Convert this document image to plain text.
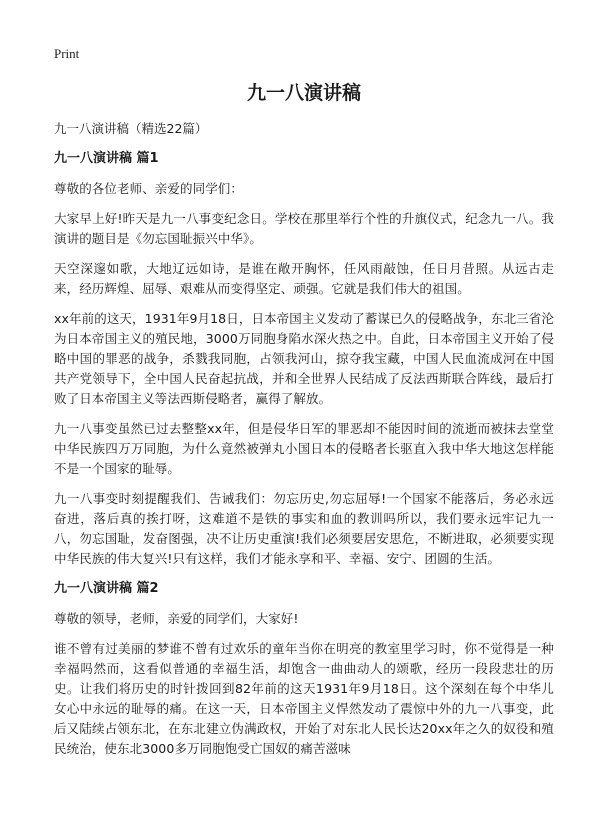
Print
九一八演讲稿
九一八演讲稿（精选22篇）
九一八演讲稿 篇1

尊敬的各位老师、亲爱的同学们：

大家早上好!昨天是九一八事变纪念日。学校在那里举行个性的升旗仪式，纪念九一八。我演讲的题目是《勿忘国耻振兴中华》。

天空深邃如歌，大地辽远如诗，是谁在敞开胸怀，任风雨敲蚀，任日月昔照。从远古走来，经历辉煌、屈辱、艰难从而变得坚定、顽强。它就是我们伟大的祖国。

xx年前的这天，1931年9月18日，日本帝国主义发动了蓄谋已久的侵略战争，东北三省沦为日本帝国主义的殖民地，3000万同胞身陷水深火热之中。自此，日本帝国主义开始了侵略中国的罪恶的战争，杀戮我同胞，占领我河山，掠夺我宝藏，中国人民血流成河在中国共产党领导下，全中国人民奋起抗战，并和全世界人民结成了反法西斯联合阵线，最后打败了日本帝国主义等法西斯侵略者，赢得了解放。

九一八事变虽然已过去整整xx年，但是侵华日军的罪恶却不能因时间的流逝而被抹去堂堂中华民族四万万同胞，为什么竟然被弹丸小国日本的侵略者长驱直入我中华大地这怎样能不是一个国家的耻辱。

九一八事变时刻提醒我们、告诫我们：勿忘历史,勿忘屈辱!一个国家不能落后，务必永远奋进，落后真的挨打呀，这难道不是铁的事实和血的教训吗所以，我们要永远牢记九一八，勿忘国耻，发奋图强，决不让历史重演!我们必须要居安思危，不断进取，必须要实现中华民族的伟大复兴!只有这样，我们才能永享和平、幸福、安宁、团圆的生活。

九一八演讲稿 篇2

尊敬的领导，老师，亲爱的同学们，大家好!

谁不曾有过美丽的梦谁不曾有过欢乐的童年当你在明亮的教室里学习时，你不觉得是一种幸福吗然而，这看似普通的幸福生活，却饱含一曲曲动人的颂歌，经历一段段悲壮的历史。让我们将历史的时针拨回到82年前的这天1931年9月18日。这个深刻在每个中华儿女心中永远的耻辱的痛。在这一天，日本帝国主义悍然发动了震惊中外的九一八事变，此后又陆续占领东北，在东北建立伪满政权，开始了对东北人民长达20xx年之久的奴役和殖民统治，使东北3000多万同胞饱受亡国奴的痛苦滋味
